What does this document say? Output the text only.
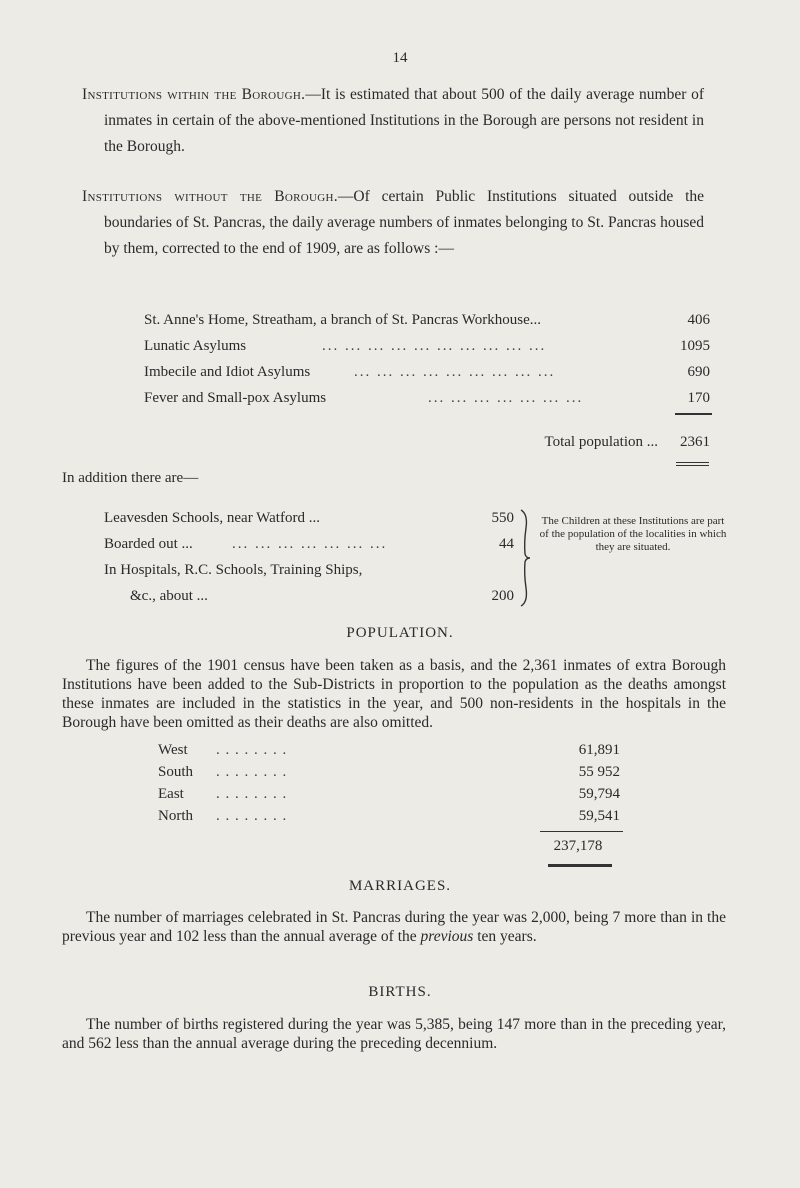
14
Institutions within the Borough.—It is estimated that about 500 of the daily average number of inmates in certain of the above-mentioned Institutions in the Borough are persons not resident in the Borough.
Institutions without the Borough.—Of certain Public Institutions situated outside the boundaries of St. Pancras, the daily average numbers of inmates belonging to St. Pancras housed by them, corrected to the end of 1909, are as follows :—
St. Anne's Home, Streatham, a branch of St. Pancras Workhouse...	406
Lunatic Asylums	... ... ... ... ... ... ... ... ... ...	1095
Imbecile and Idiot Asylums	... ... ... ... ... ... ... ... ...	690
Fever and Small-pox Asylums	... ... ... ... ... ... ...	170
Total population ...	2361
In addition there are—
Leavesden Schools, near Watford ...	550
Boarded out ...	... ... ... ... ... ... ...	44
In Hospitals, R.C. Schools, Training Ships,
&c., about ...	200
The Children at these Institutions are part of the population of the localities in which they are situated.
POPULATION.
The figures of the 1901 census have been taken as a basis, and the 2,361 inmates of extra Borough Institutions have been added to the Sub-Districts in proportion to the population as the deaths amongst these inmates are included in the statistics in the year, and 500 non-residents in the hospitals in the Borough have been omitted as their deaths are also omitted.
West . . . . . . . .	61,891
South . . . . . . . .	55 952
East . . . . . . . .	59,794
North . . . . . . . .	59,541
237,178
MARRIAGES.
The number of marriages celebrated in St. Pancras during the year was 2,000, being 7 more than in the previous year and 102 less than the annual average of the previous ten years.
BIRTHS.
The number of births registered during the year was 5,385, being 147 more than in the preceding year, and 562 less than the annual average during the preceding decennium.
